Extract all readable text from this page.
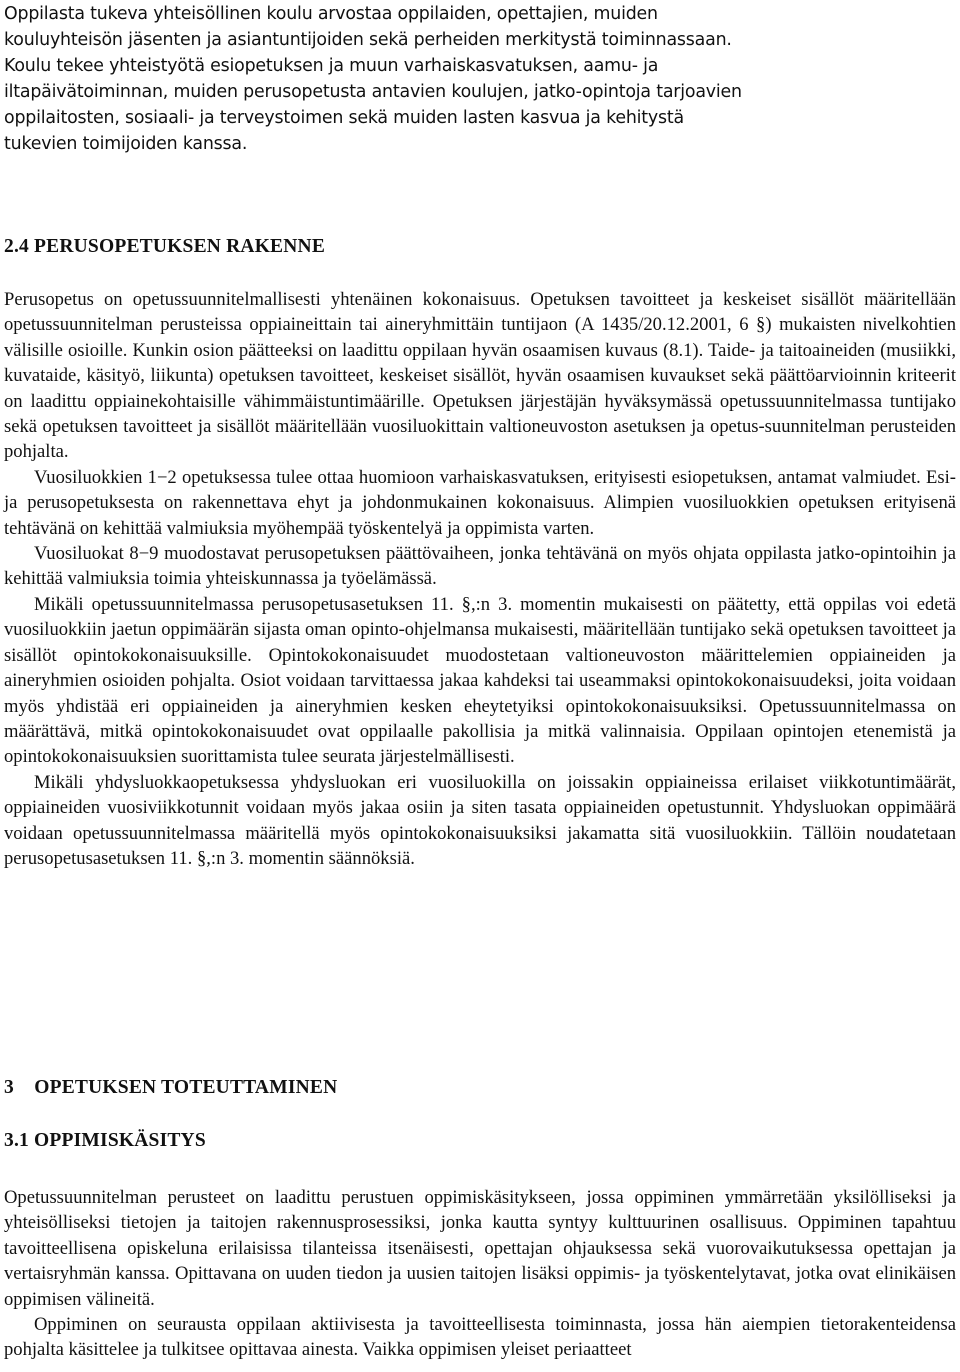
Oppilasta tukeva yhteisöllinen koulu arvostaa oppilaiden, opettajien, muiden kouluyhteisön jäsenten ja asiantuntijoiden sekä perheiden merkitystä toiminnassaan. Koulu tekee yhteistyötä esiopetuksen ja muun varhaiskasvatuksen, aamu- ja iltapäivätoiminnan, muiden perusopetusta antavien koulujen, jatko-opintoja tarjoavien oppilaitosten, sosiaali- ja terveystoimen sekä muiden lasten kasvua ja kehitystä tukevien toimijoiden kanssa.

2.4 PERUSOPETUKSEN RAKENNE

Perusopetus on opetussuunnitelmallisesti yhtenäinen kokonaisuus. Opetuksen tavoitteet ja keskeiset sisällöt määritellään opetussuunnitelman perusteissa oppiaineittain tai aineryhmittäin tuntijaon (A 1435/20.12.2001, 6 §) mukaisten nivelkohtien välisille osioille. Kunkin osion päätteeksi on laadittu oppilaan hyvän osaamisen kuvaus (8.1). Taide- ja taitoaineiden (musiikki, kuvataide, käsityö, liikunta) opetuksen tavoitteet, keskeiset sisällöt, hyvän osaamisen kuvaukset sekä päättöarvioinnin kriteerit on laadittu oppiainekohtaisille vähimmäistuntimäärille. Opetuksen järjestäjän hyväksymässä opetussuunnitelmassa tuntijako sekä opetuksen tavoitteet ja sisällöt määritellään vuosiluokittain valtioneuvoston asetuksen ja opetus-suunnitelman perusteiden pohjalta.

Vuosiluokkien 1−2 opetuksessa tulee ottaa huomioon varhaiskasvatuksen, erityisesti esiopetuksen, antamat valmiudet. Esi- ja perusopetuksesta on rakennettava ehyt ja johdonmukainen kokonaisuus. Alimpien vuosiluokkien opetuksen erityisenä tehtävänä on kehittää valmiuksia myöhempää työskentelyä ja oppimista varten.

Vuosiluokat 8−9 muodostavat perusopetuksen päättövaiheen, jonka tehtävänä on myös ohjata oppilasta jatko-opintoihin ja kehittää valmiuksia toimia yhteiskunnassa ja työelämässä.

Mikäli opetussuunnitelmassa perusopetusasetuksen 11. §,:n 3. momentin mukaisesti on päätetty, että oppilas voi edetä vuosiluokkiin jaetun oppimäärän sijasta oman opinto-ohjelmansa mukaisesti, määritellään tuntijako sekä opetuksen tavoitteet ja sisällöt opintokokonaisuuksille. Opintokokonaisuudet muodostetaan valtioneuvoston määrittelemien oppiaineiden ja aineryhmien osioiden pohjalta. Osiot voidaan tarvittaessa jakaa kahdeksi tai useammaksi opintokokonaisuudeksi, joita voidaan myös yhdistää eri oppiaineiden ja aineryhmien kesken eheytetyiksi opintokokonaisuuksiksi. Opetussuunnitelmassa on määrättävä, mitkä opintokokonaisuudet ovat oppilaalle pakollisia ja mitkä valinnaisia. Oppilaan opintojen etenemistä ja opintokokonaisuuksien suorittamista tulee seurata järjestelmällisesti.

Mikäli yhdysluokkaopetuksessa yhdysluokan eri vuosiluokilla on joissakin oppiaineissa erilaiset viikkotuntimäärät, oppiaineiden vuosiviikkotunnit voidaan myös jakaa osiin ja siten tasata oppiaineiden opetustunnit. Yhdysluokan oppimäärä voidaan opetussuunnitelmassa määritellä myös opintokokonaisuuksiksi jakamatta sitä vuosiluokkiin. Tällöin noudatetaan perusopetusasetuksen 11. §,:n 3. momentin säännöksiä.

3    OPETUKSEN TOTEUTTAMINEN
3.1 OPPIMISKÄSITYS

Opetussuunnitelman perusteet on laadittu perustuen oppimiskäsitykseen, jossa oppiminen ymmärretään yksilölliseksi ja yhteisölliseksi tietojen ja taitojen rakennusprosessiksi, jonka kautta syntyy kulttuurinen osallisuus. Oppiminen tapahtuu tavoitteellisena opiskeluna erilaisissa tilanteissa itsenäisesti, opettajan ohjauksessa sekä vuorovaikutuksessa opettajan ja vertaisryhmän kanssa. Opittavana on uuden tiedon ja uusien taitojen lisäksi oppimis- ja työskentelytavat, jotka ovat elinikäisen oppimisen välineitä.

Oppiminen on seurausta oppilaan aktiivisesta ja tavoitteellisesta toiminnasta, jossa hän aiempien tietorakenteidensa pohjalta käsittelee ja tulkitsee opittavaa ainesta. Vaikka oppimisen yleiset periaatteet
